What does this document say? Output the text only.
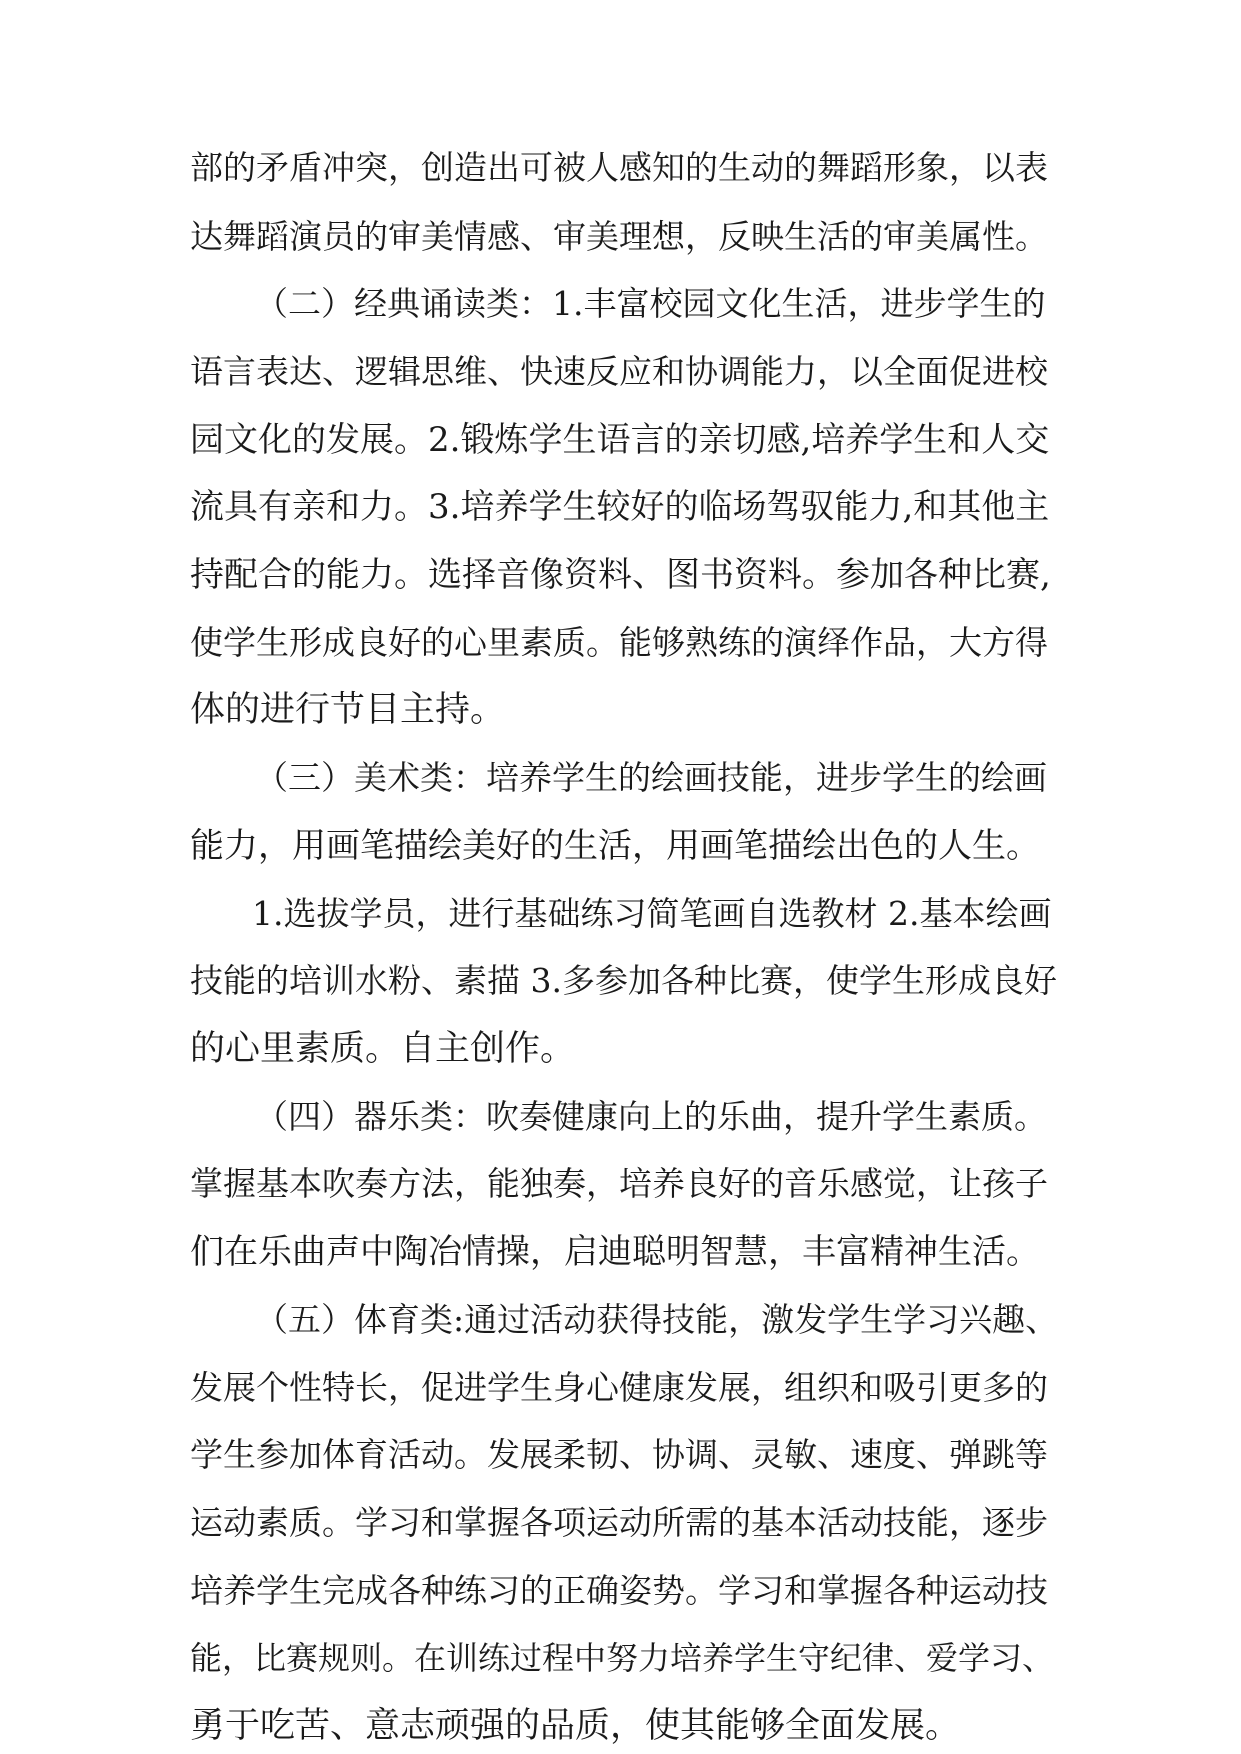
部的矛盾冲突，创造出可被人感知的生动的舞蹈形象，以表
达舞蹈演员的审美情感、审美理想，反映生活的审美属性。
（二）经典诵读类：1.丰富校园文化生活，进步学生的
语言表达、逻辑思维、快速反应和协调能力，以全面促进校
园文化的发展。2.锻炼学生语言的亲切感,培养学生和人交
流具有亲和力。3.培养学生较好的临场驾驭能力,和其他主
持配合的能力。选择音像资料、图书资料。参加各种比赛,
使学生形成良好的心里素质。能够熟练的演绎作品，大方得
体的进行节目主持。
（三）美术类：培养学生的绘画技能，进步学生的绘画
能力，用画笔描绘美好的生活，用画笔描绘出色的人生。
1.选拔学员，进行基础练习简笔画自选教材 2.基本绘画
技能的培训水粉、素描 3.多参加各种比赛，使学生形成良好
的心里素质。自主创作。
（四）器乐类：吹奏健康向上的乐曲，提升学生素质。
掌握基本吹奏方法，能独奏，培养良好的音乐感觉，让孩子
们在乐曲声中陶冶情操，启迪聪明智慧，丰富精神生活。
（五）体育类:通过活动获得技能，激发学生学习兴趣、
发展个性特长，促进学生身心健康发展，组织和吸引更多的
学生参加体育活动。发展柔韧、协调、灵敏、速度、弹跳等
运动素质。学习和掌握各项运动所需的基本活动技能，逐步
培养学生完成各种练习的正确姿势。学习和掌握各种运动技
能，比赛规则。在训练过程中努力培养学生守纪律、爱学习、
勇于吃苦、意志顽强的品质，使其能够全面发展。
